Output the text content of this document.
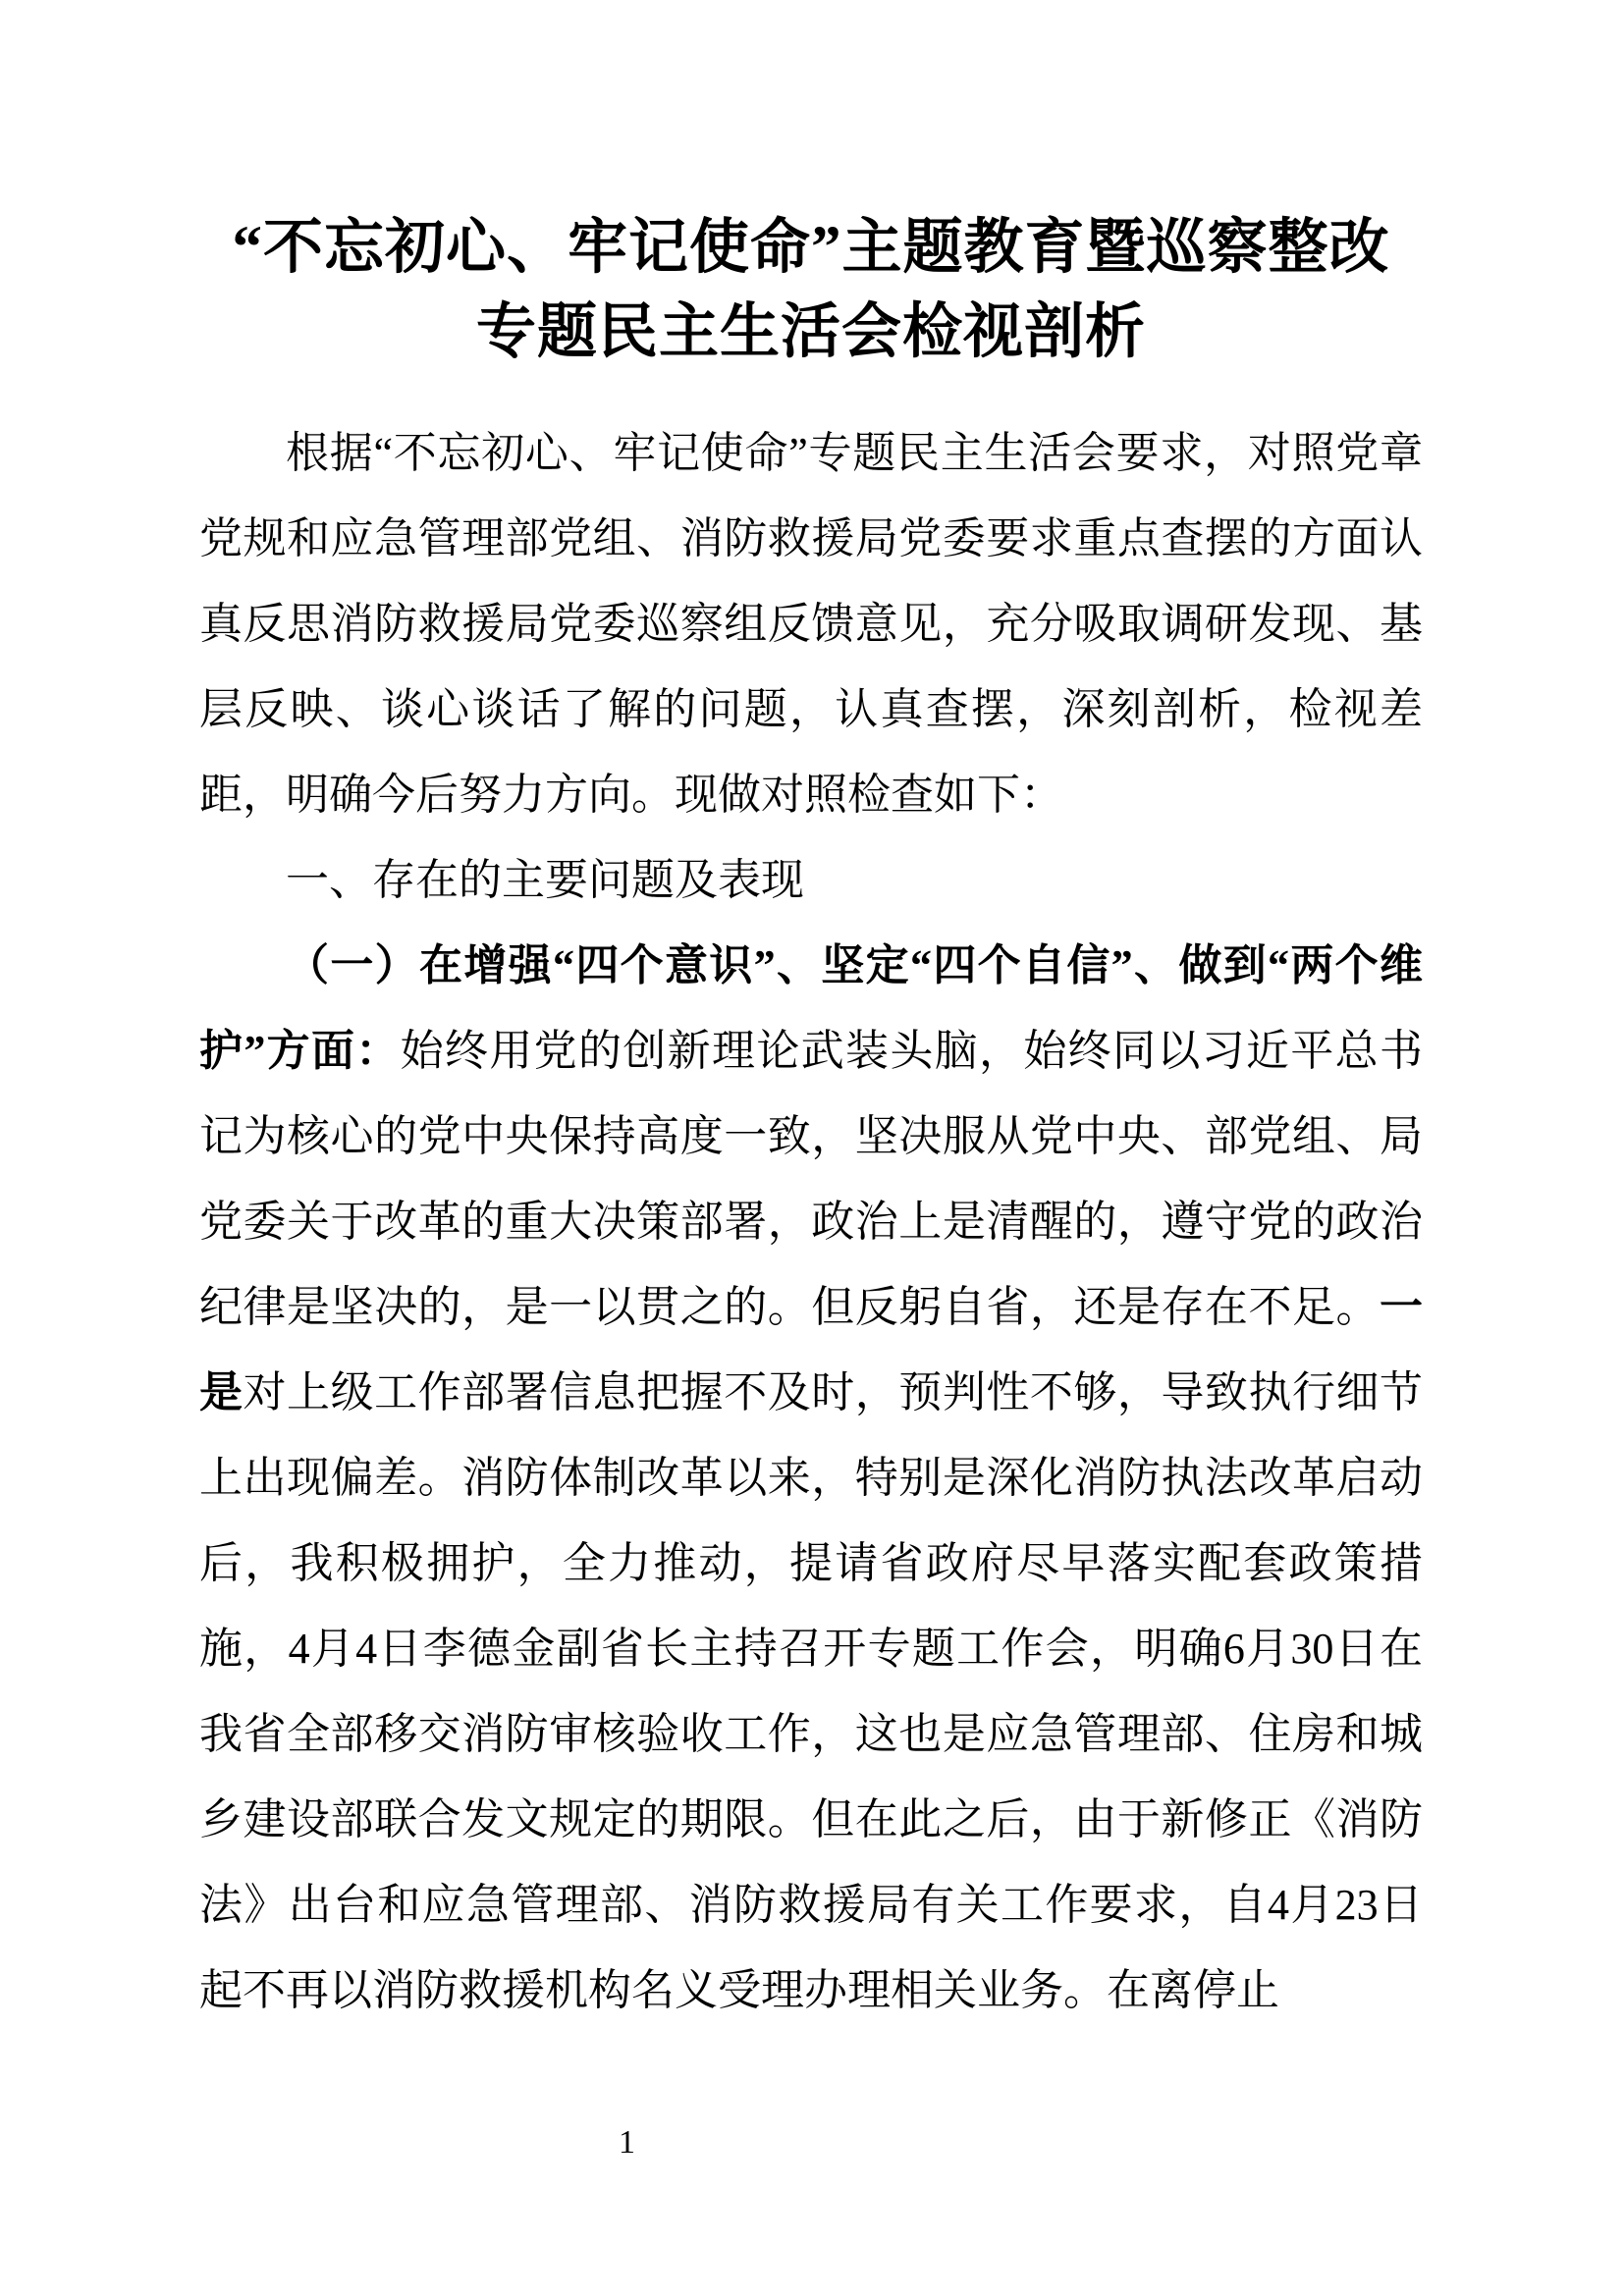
“不忘初心、牢记使命”主题教育暨巡察整改
专题民主生活会检视剖析

根据“不忘初心、牢记使命”专题民主生活会要求，对照党章党规和应急管理部党组、消防救援局党委要求重点查摆的方面认真反思消防救援局党委巡察组反馈意见，充分吸取调研发现、基层反映、谈心谈话了解的问题，认真查摆，深刻剖析，检视差距，明确今后努力方向。现做对照检查如下：

一、存在的主要问题及表现

（一）在增强“四个意识”、坚定“四个自信”、做到“两个维护”方面：始终用党的创新理论武装头脑，始终同以习近平总书记为核心的党中央保持高度一致，坚决服从党中央、部党组、局党委关于改革的重大决策部署，政治上是清醒的，遵守党的政治纪律是坚决的，是一以贯之的。但反躬自省，还是存在不足。一是对上级工作部署信息把握不及时，预判性不够，导致执行细节上出现偏差。消防体制改革以来，特别是深化消防执法改革启动后，我积极拥护，全力推动，提请省政府尽早落实配套政策措施，4月4日李德金副省长主持召开专题工作会，明确6月30日在我省全部移交消防审核验收工作，这也是应急管理部、住房和城乡建设部联合发文规定的期限。但在此之后，由于新修正《消防法》出台和应急管理部、消防救援局有关工作要求，自4月23日起不再以消防救援机构名义受理办理相关业务。在离停止

1
